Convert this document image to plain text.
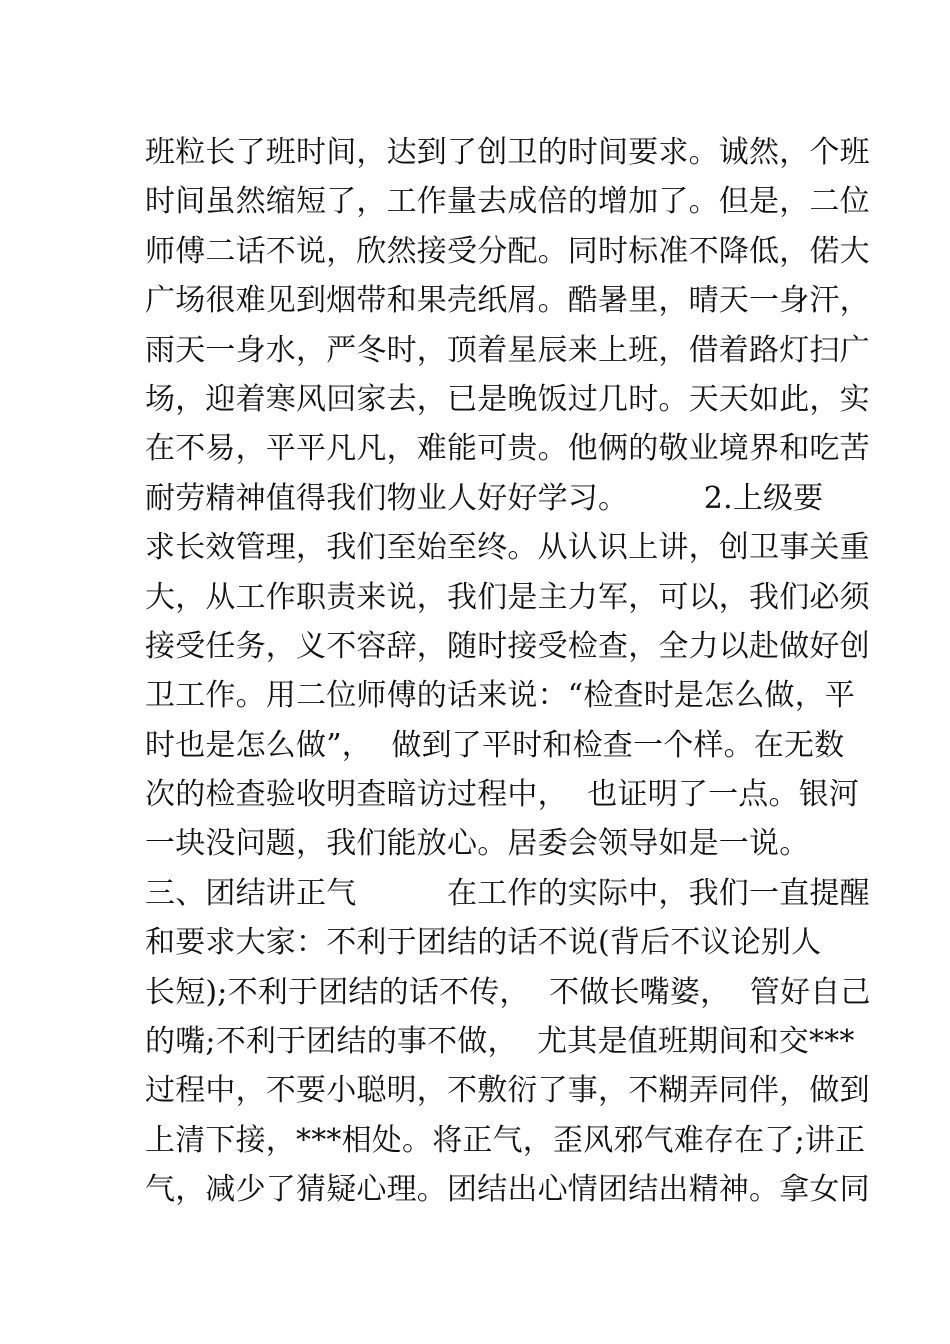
班粒长了班时间，达到了创卫的时间要求。诚然，个班
时间虽然缩短了，工作量去成倍的增加了。但是，二位
师傅二话不说，欣然接受分配。同时标准不降低，偌大
广场很难见到烟带和果壳纸屑。酷暑里，晴天一身汗，
雨天一身水，严冬时，顶着星辰来上班，借着路灯扫广
场，迎着寒风回家去，已是晚饭过几时。天天如此，实
在不易，平平凡凡，难能可贵。他俩的敬业境界和吃苦
耐劳精神值得我们物业人好好学习。　　　2.上级要
求长效管理，我们至始至终。从认识上讲，创卫事关重
大，从工作职责来说，我们是主力军，可以，我们必须
接受任务，义不容辞，随时接受检查，全力以赴做好创
卫工作。用二位师傅的话来说：“检查时是怎么做，平
时也是怎么做”，  做到了平时和检查一个样。在无数
次的检查验收明查暗访过程中，  也证明了一点。银河
一块没问题，我们能放心。居委会领导如是一说。
三、团结讲正气　　　在工作的实际中，我们一直提醒
和要求大家：不利于团结的话不说(背后不议论别人
长短);不利于团结的话不传，  不做长嘴婆，  管好自己
的嘴;不利于团结的事不做，  尤其是值班期间和交***
过程中，不要小聪明，不敷衍了事，不糊弄同伴，做到
上清下接，***相处。将正气，歪风邪气难存在了;讲正
气，减少了猜疑心理。团结出心情团结出精神。拿女同
